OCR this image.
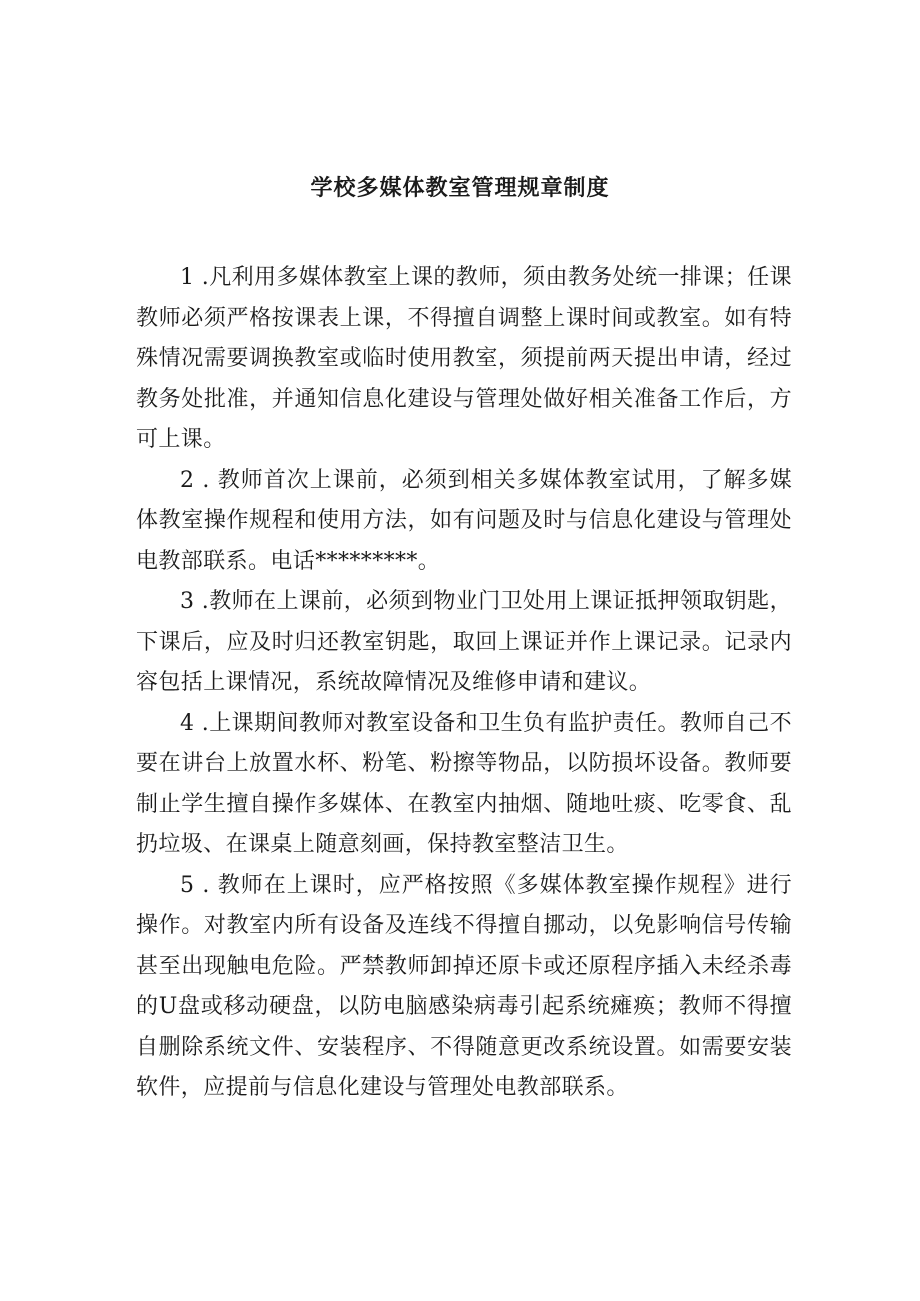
学校多媒体教室管理规章制度

1 .凡利用多媒体教室上课的教师，须由教务处统一排课；任课教师必须严格按课表上课，不得擅自调整上课时间或教室。如有特殊情况需要调换教室或临时使用教室，须提前两天提出申请，经过教务处批准，并通知信息化建设与管理处做好相关准备工作后，方可上课。

2 . 教师首次上课前，必须到相关多媒体教室试用，了解多媒体教室操作规程和使用方法，如有问题及时与信息化建设与管理处电教部联系。电话*********。

3 .教师在上课前，必须到物业门卫处用上课证抵押领取钥匙，下课后，应及时归还教室钥匙，取回上课证并作上课记录。记录内容包括上课情况，系统故障情况及维修申请和建议。

4 .上课期间教师对教室设备和卫生负有监护责任。教师自己不要在讲台上放置水杯、粉笔、粉擦等物品，以防损坏设备。教师要制止学生擅自操作多媒体、在教室内抽烟、随地吐痰、吃零食、乱扔垃圾、在课桌上随意刻画，保持教室整洁卫生。

5 . 教师在上课时，应严格按照《多媒体教室操作规程》进行操作。对教室内所有设备及连线不得擅自挪动，以免影响信号传输甚至出现触电危险。严禁教师卸掉还原卡或还原程序插入未经杀毒的U盘或移动硬盘，以防电脑感染病毒引起系统瘫痪；教师不得擅自删除系统文件、安装程序、不得随意更改系统设置。如需要安装软件，应提前与信息化建设与管理处电教部联系。
